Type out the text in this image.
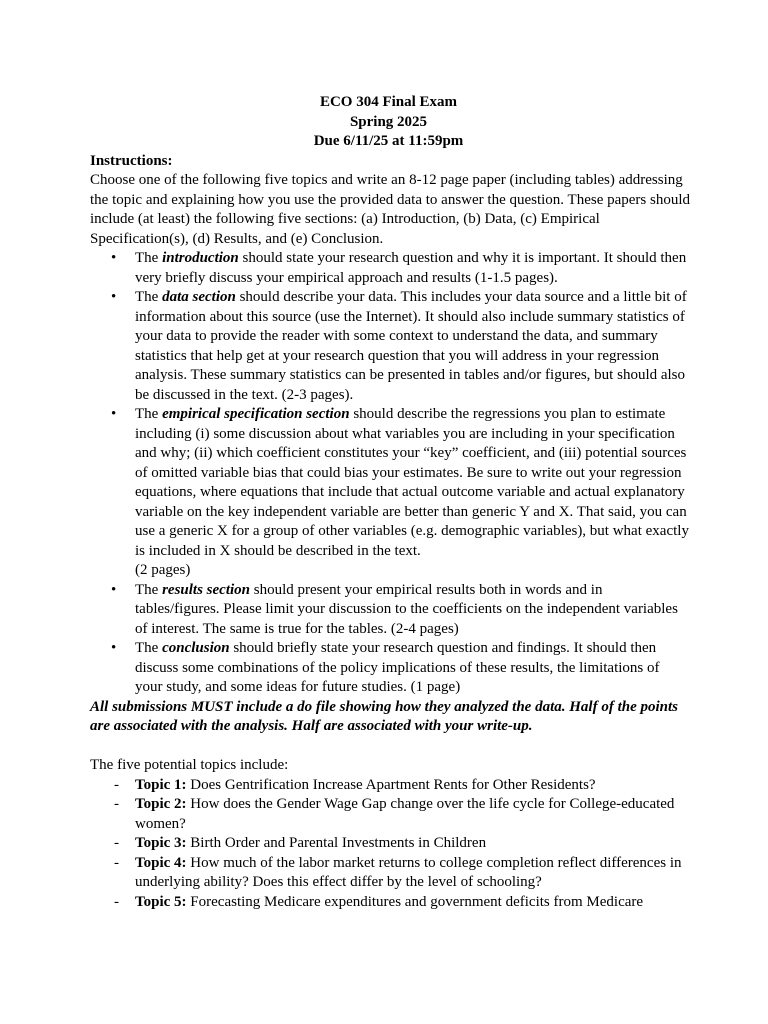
ECO 304 Final Exam
Spring 2025
Due 6/11/25 at 11:59pm

Instructions:

Choose one of the following five topics and write an 8-12 page paper (including tables) addressing the topic and explaining how you use the provided data to answer the question. These papers should include (at least) the following five sections: (a) Introduction, (b) Data, (c) Empirical Specification(s), (d) Results, and (e) Conclusion.

• The introduction should state your research question and why it is important. It should then very briefly discuss your empirical approach and results (1-1.5 pages).
• The data section should describe your data. This includes your data source and a little bit of information about this source (use the Internet). It should also include summary statistics of your data to provide the reader with some context to understand the data, and summary statistics that help get at your research question that you will address in your regression analysis. These summary statistics can be presented in tables and/or figures, but should also be discussed in the text. (2-3 pages).
• The empirical specification section should describe the regressions you plan to estimate including (i) some discussion about what variables you are including in your specification and why; (ii) which coefficient constitutes your “key” coefficient, and (iii) potential sources of omitted variable bias that could bias your estimates. Be sure to write out your regression equations, where equations that include that actual outcome variable and actual explanatory variable on the key independent variable are better than generic Y and X. That said, you can use a generic X for a group of other variables (e.g. demographic variables), but what exactly is included in X should be described in the text.
(2 pages)
• The results section should present your empirical results both in words and in tables/figures. Please limit your discussion to the coefficients on the independent variables of interest. The same is true for the tables. (2-4 pages)
• The conclusion should briefly state your research question and findings. It should then discuss some combinations of the policy implications of these results, the limitations of your study, and some ideas for future studies. (1 page)

All submissions MUST include a do file showing how they analyzed the data. Half of the points are associated with the analysis. Half are associated with your write-up.

The five potential topics include:

- Topic 1: Does Gentrification Increase Apartment Rents for Other Residents?
- Topic 2: How does the Gender Wage Gap change over the life cycle for College-educated women?
- Topic 3: Birth Order and Parental Investments in Children
- Topic 4: How much of the labor market returns to college completion reflect differences in underlying ability? Does this effect differ by the level of schooling?
- Topic 5: Forecasting Medicare expenditures and government deficits from Medicare
